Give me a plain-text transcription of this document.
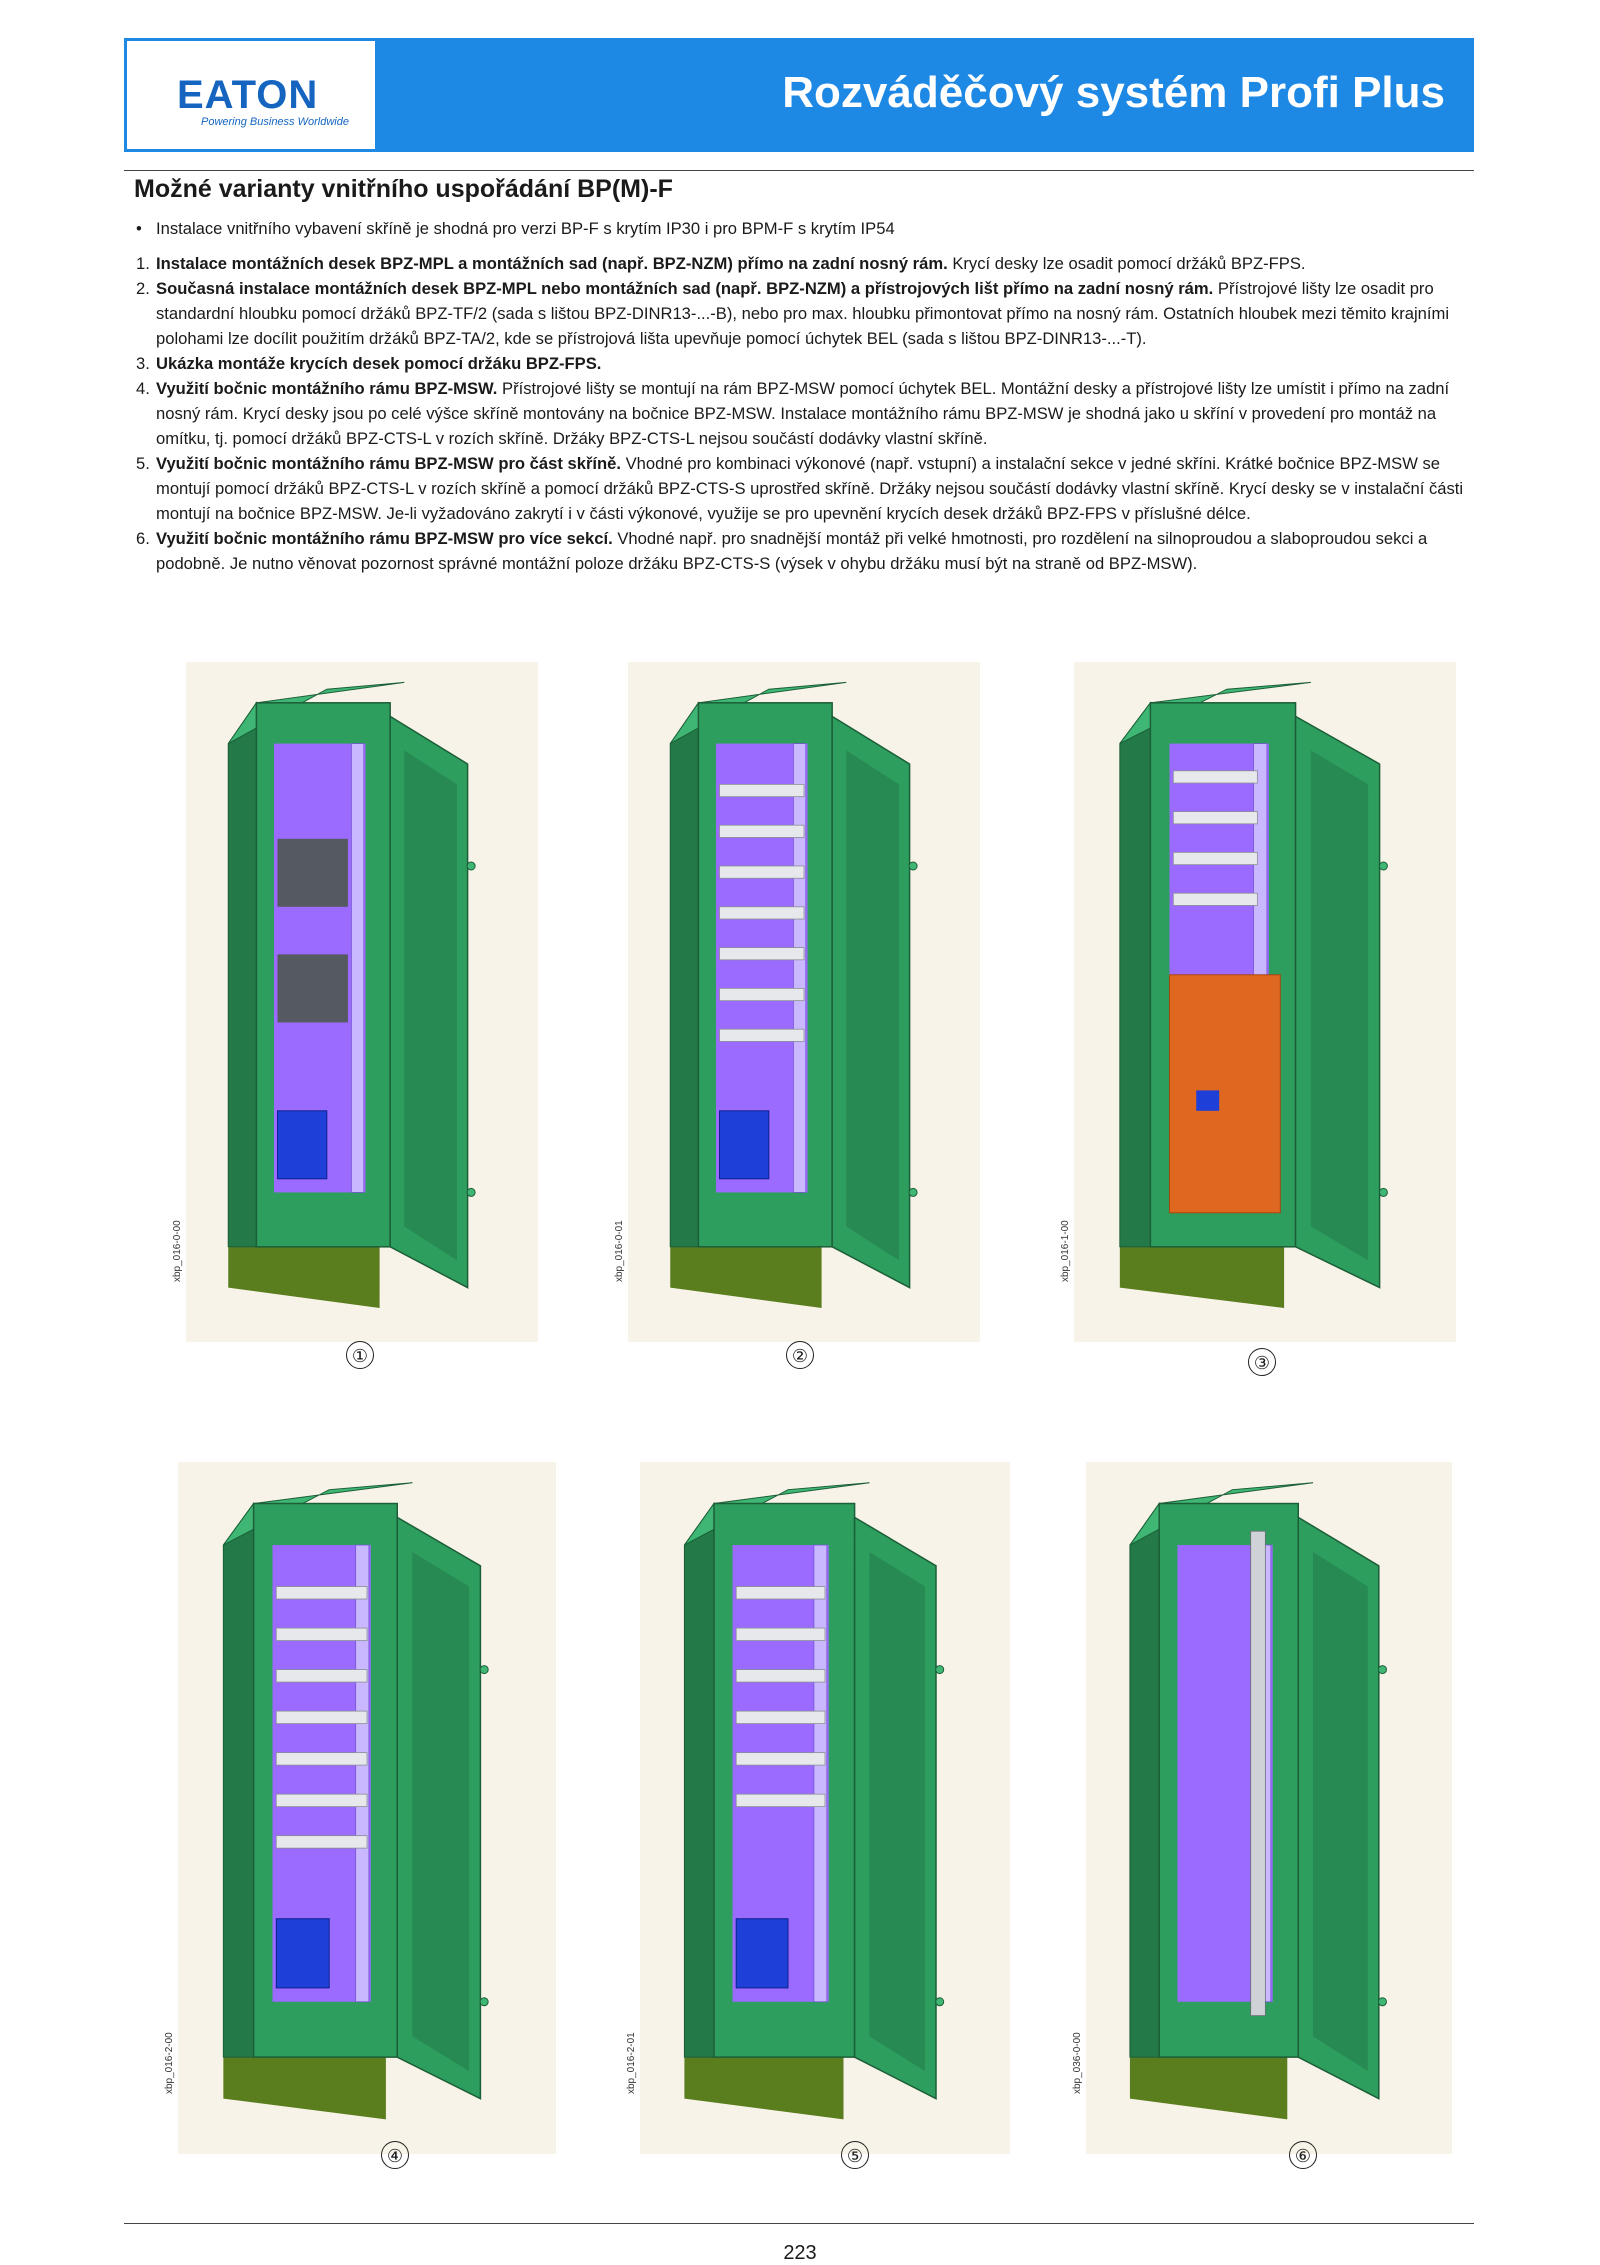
EATON
Powering Business Worldwide
Rozváděčový systém Profi Plus
Možné varianty vnitřního uspořádání BP(M)-F
• Instalace vnitřního vybavení skříně je shodná pro verzi BP-F s krytím IP30 i pro BPM-F s krytím IP54
1. Instalace montážních desek BPZ-MPL a montážních sad (např. BPZ-NZM) přímo na zadní nosný rám. Krycí desky lze osadit pomocí držáků BPZ-FPS.
2. Současná instalace montážních desek BPZ-MPL nebo montážních sad (např. BPZ-NZM) a přístrojových lišt přímo na zadní nosný rám. Přístrojové lišty lze osadit pro standardní hloubku pomocí držáků BPZ-TF/2 (sada s lištou BPZ-DINR13-...-B), nebo pro max. hloubku přimontovat přímo na nosný rám. Ostatních hloubek mezi těmito krajními polohami lze docílit použitím držáků BPZ-TA/2, kde se přístrojová lišta upevňuje pomocí úchytek BEL (sada s lištou BPZ-DINR13-...-T).
3. Ukázka montáže krycích desek pomocí držáku BPZ-FPS.
4. Využití bočnic montážního rámu BPZ-MSW. Přístrojové lišty se montují na rám BPZ-MSW pomocí úchytek BEL. Montážní desky a přístrojové lišty lze umístit i přímo na zadní nosný rám. Krycí desky jsou po celé výšce skříně montovány na bočnice BPZ-MSW. Instalace montážního rámu BPZ-MSW je shodná jako u skříní v provedení pro montáž na omítku, tj. pomocí držáků BPZ-CTS-L v rozích skříně. Držáky BPZ-CTS-L nejsou součástí dodávky vlastní skříně.
5. Využití bočnic montážního rámu BPZ-MSW pro část skříně. Vhodné pro kombinaci výkonové (např. vstupní) a instalační sekce v jedné skříni. Krátké bočnice BPZ-MSW se montují pomocí držáků BPZ-CTS-L v rozích skříně a pomocí držáků BPZ-CTS-S uprostřed skříně. Držáky nejsou součástí dodávky vlastní skříně. Krycí desky se v instalační části montují na bočnice BPZ-MSW. Je-li vyžadováno zakrytí i v části výkonové, využije se pro upevnění krycích desek držáků BPZ-FPS v příslušné délce.
6. Využití bočnic montážního rámu BPZ-MSW pro více sekcí. Vhodné např. pro snadnější montáž při velké hmotnosti, pro rozdělení na silnoproudou a slaboproudou sekci a podobně. Je nutno věnovat pozornost správné montážní poloze držáku BPZ-CTS-S (výsek v ohybu držáku musí být na straně od BPZ-MSW).
xbp_016-0-00
①
xbp_016-0-01
②
xbp_016-1-00
③
xbp_016-2-00
④
xbp_016-2-01
⑤
xbp_036-0-00
⑥
223
